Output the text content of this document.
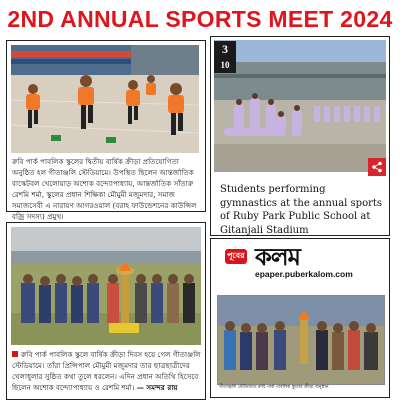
2ND ANNUAL SPORTS MEET 2024
রুবি পার্ক পাবলিক স্কুলের দ্বিতীয় বার্ষিক ক্রীড়া প্রতিযোগিতা অনুষ্ঠিত হল গীতাঞ্জলি স্টেডিয়ামে। উপস্থিত ছিলেন আন্তর্জাতিক বাস্কেটবল খেলোয়াড় অশোক বন্দ্যোপাধ্যায়, আন্তর্জাতিক সাঁতারু রেশমি শর্মা, স্কুলের প্রধান শিক্ষিকা মৌমুমী মজুমদার, সমাজ সমাজসেবী এ নারায়ণ আগরওয়াল (বরাহ ফাউন্ডেশনের কাউন্সিল বজ্রি সদস্য) প্রমুখ।
3
10
Students performing gymnastics at the annual sports of Ruby Park Public School at Gitanjali Stadium
রুবি পার্ক পাবলিক স্কুলে বার্ষিক ক্রীড়া দিবস হয়ে গেল গীতাঞ্জলি স্টেডিয়ামে। তাঁরা প্রিন্সিপাল মৌমুমী মজুমদার তার ছাত্রছাত্রীদের খেলাধুলার সুষ্ঠিত কথা তুলে ধরলেন। এদিন প্রধান অতিথি হিসেবে ছিলেন অশোক বন্দ্যোপাধ্যায় ও রেশমি শর্মা। — সমন্দর রায়
পূবের কলম
epaper.puberkalom.com
গীতাঞ্জলি স্টেডিয়ামে রুবি পার্ক পাবলিক স্কুলের ক্রীড়া অনুষ্ঠান
